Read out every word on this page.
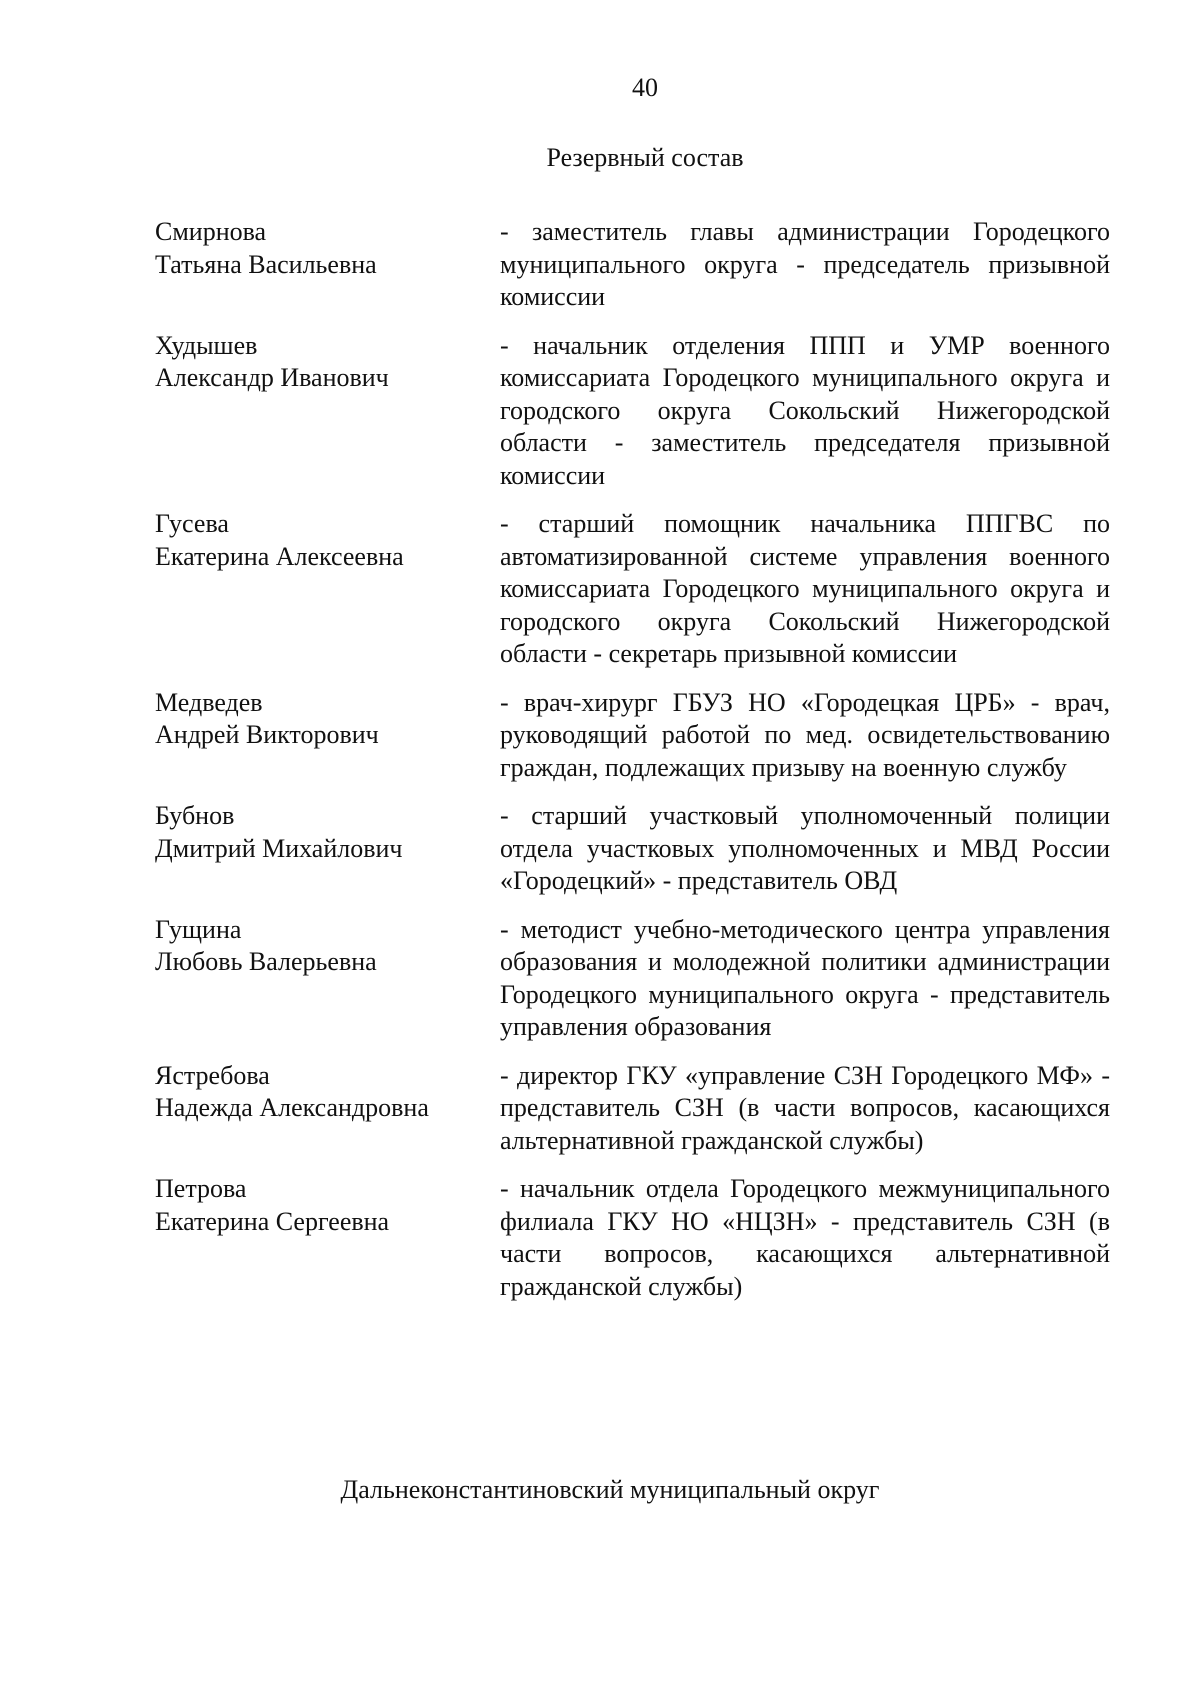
40
Резервный состав
Смирнова
Татьяна Васильевна
- заместитель главы администрации Городецкого муниципального округа - председатель призывной комиссии
Худышев
Александр Иванович
- начальник отделения ППП и УМР военного комиссариата Городецкого муниципального округа и городского округа Сокольский Нижегородской области - заместитель председателя призывной комиссии
Гусева
Екатерина Алексеевна
- старший помощник начальника ППГВС по автоматизированной системе управления военного комиссариата Городецкого муниципального округа и городского округа Сокольский Нижегородской области - секретарь призывной комиссии
Медведев
Андрей Викторович
- врач-хирург ГБУЗ НО «Городецкая ЦРБ» - врач, руководящий работой по мед. освидетельствованию граждан, подлежащих призыву на военную службу
Бубнов
Дмитрий Михайлович
- старший участковый уполномоченный полиции отдела участковых уполномоченных и МВД России «Городецкий» - представитель ОВД
Гущина
Любовь Валерьевна
- методист учебно-методического центра управления образования и молодежной политики администрации Городецкого муниципального округа - представитель управления образования
Ястребова
Надежда Александровна
- директор ГКУ «управление СЗН Городецкого МФ» - представитель СЗН (в части вопросов, касающихся альтернативной гражданской службы)
Петрова
Екатерина Сергеевна
- начальник отдела Городецкого межмуниципального филиала ГКУ НО «НЦЗН» - представитель СЗН (в части вопросов, касающихся альтернативной гражданской службы)
Дальнеконстантиновский муниципальный округ
